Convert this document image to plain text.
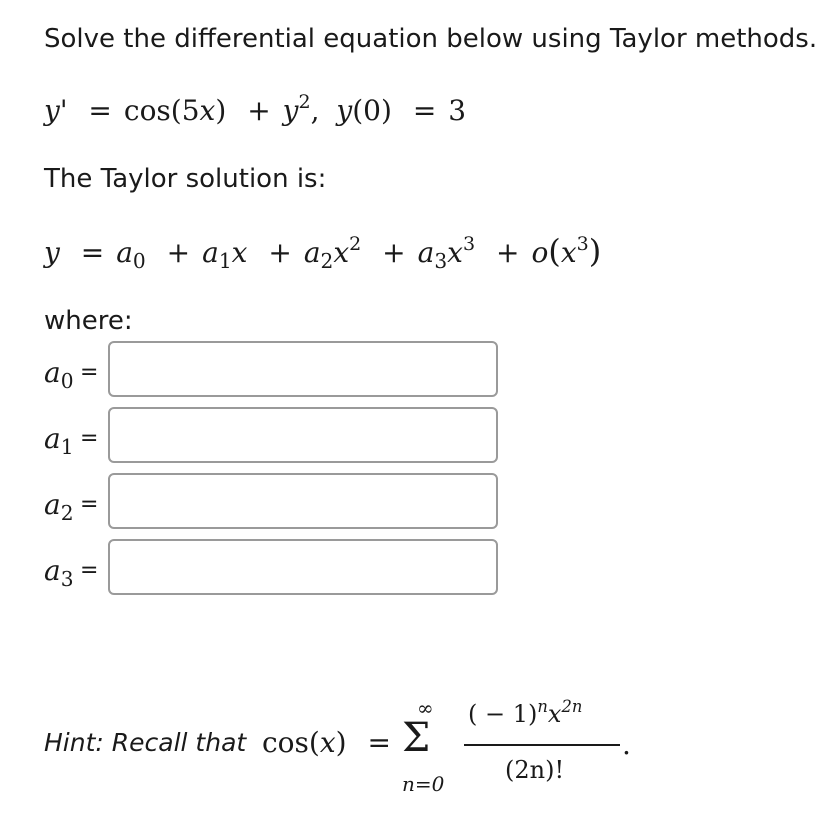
Solve the differential equation below using Taylor methods.
$y' = \cos(5x) + y^2$, y(0) = 3
The Taylor solution is:
$y = a_0 + a_1x + a_2x^2 + a_3x^3 + o(x^3)$
where:
$a_0$ =
$a_1$ =
$a_2$ =
$a_3$ =
Hint: Recall that cos(x) =
∞
Σ
n=0
( − $1)^nx^{2n}$
(2n)!
.
